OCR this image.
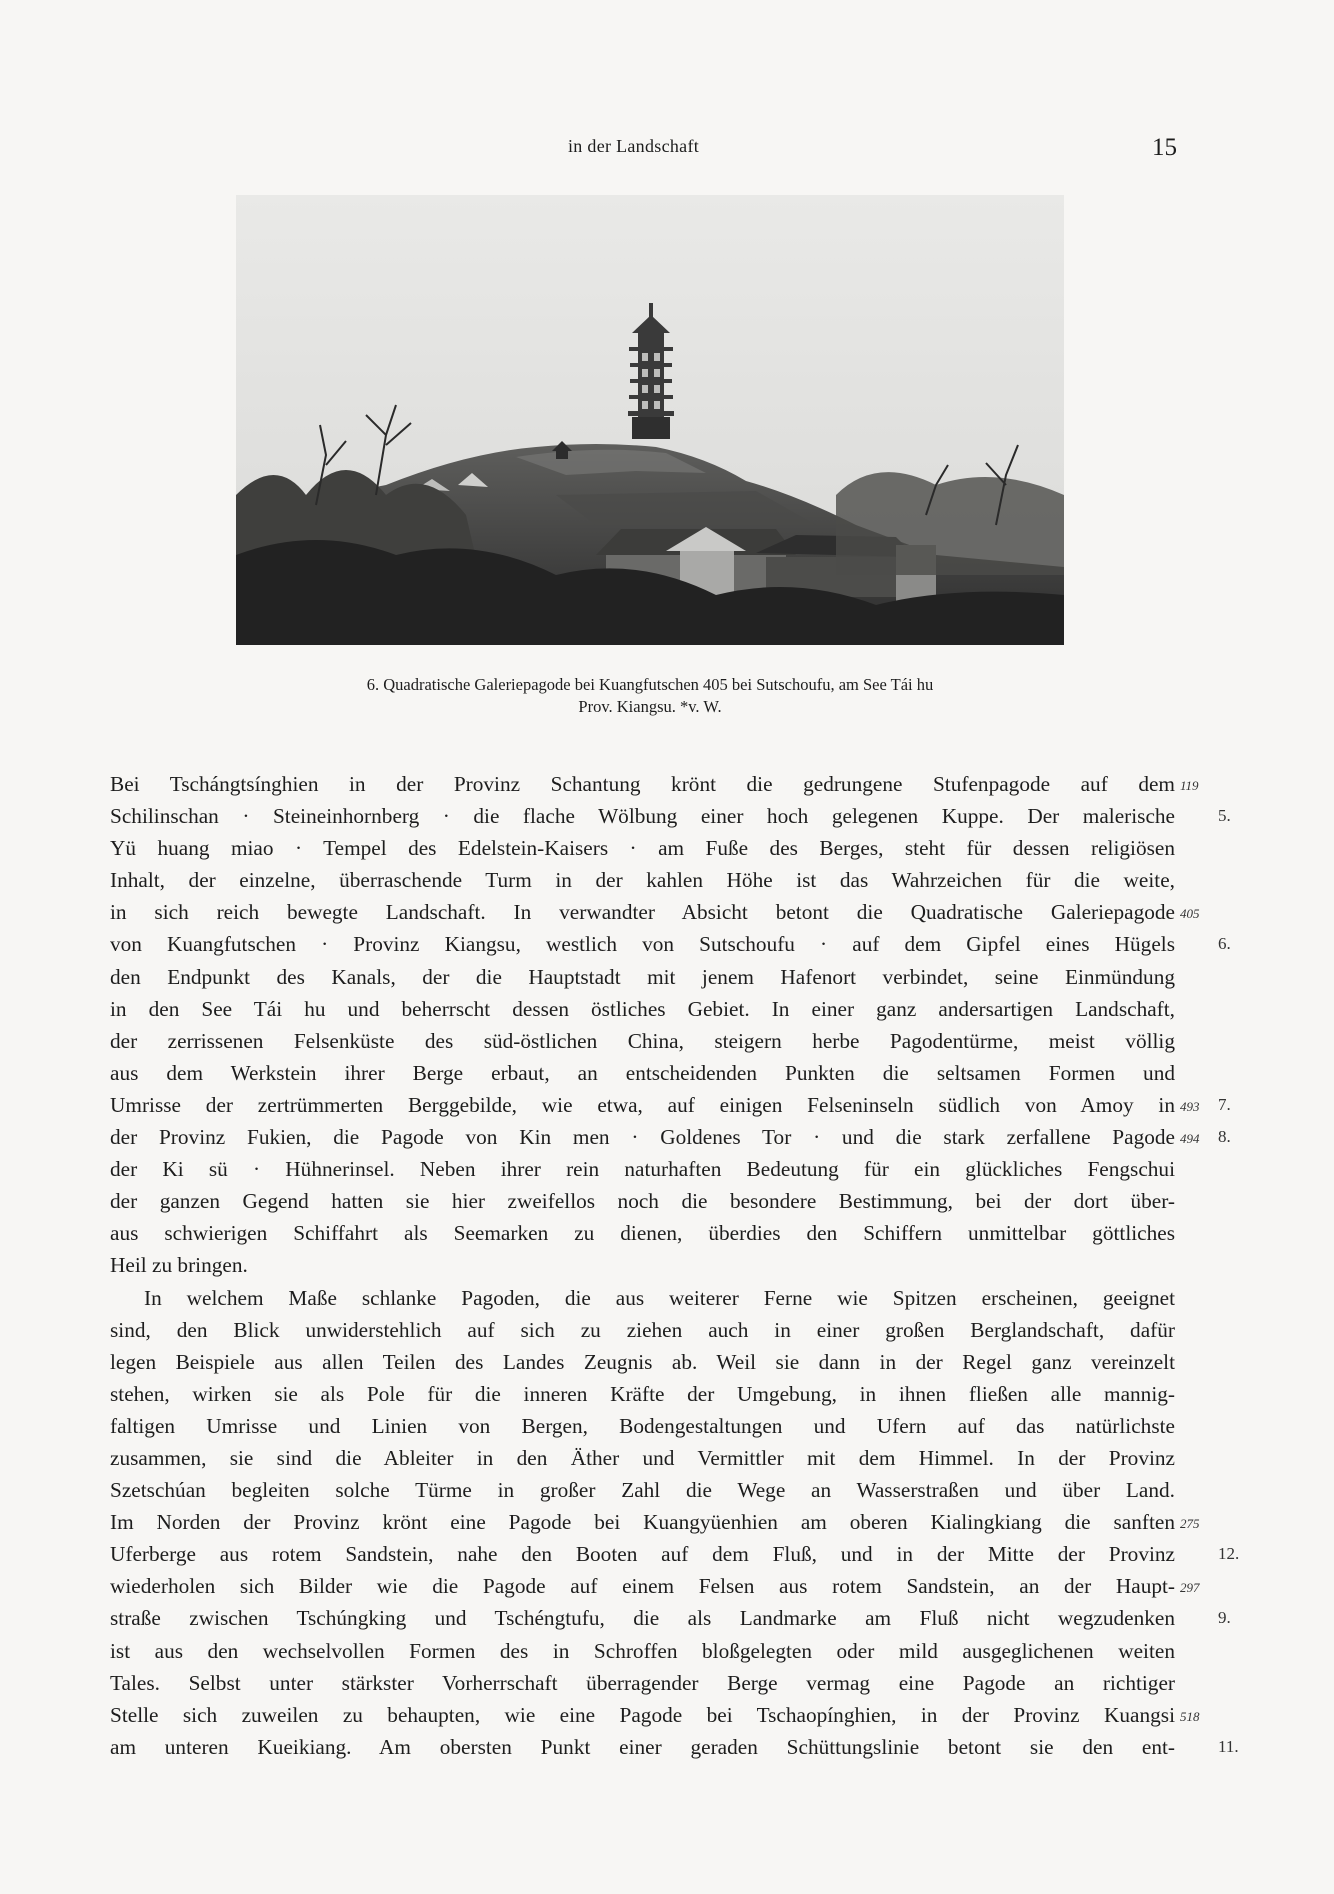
in der Landschaft	15
6. Quadratische Galeriepagode bei Kuangfutschen 405 bei Sutschoufu, am See Tái hu
Prov. Kiangsu. *v. W.
Bei Tschángtsínghien in der Provinz Schantung krönt die gedrungene Stufenpagode auf dem 119
Schilinschan · Steineinhornberg · die flache Wölbung einer hoch gelegenen Kuppe. Der malerische	5.
Yü huang miao · Tempel des Edelstein-Kaisers · am Fuße des Berges, steht für dessen religiösen
Inhalt, der einzelne, überraschende Turm in der kahlen Höhe ist das Wahrzeichen für die weite,
in sich reich bewegte Landschaft. In verwandter Absicht betont die Quadratische Galeriepagode 405
von Kuangfutschen · Provinz Kiangsu, westlich von Sutschoufu · auf dem Gipfel eines Hügels	6.
den Endpunkt des Kanals, der die Hauptstadt mit jenem Hafenort verbindet, seine Einmündung
in den See Tái hu und beherrscht dessen östliches Gebiet. In einer ganz andersartigen Landschaft,
der zerrissenen Felsenküste des süd-östlichen China, steigern herbe Pagodentürme, meist völlig
aus dem Werkstein ihrer Berge erbaut, an entscheidenden Punkten die seltsamen Formen und
Umrisse der zertrümmerten Berggebilde, wie etwa, auf einigen Felseninseln südlich von Amoy in 493	7.
der Provinz Fukien, die Pagode von Kin men · Goldenes Tor · und die stark zerfallene Pagode 494	8.
der Ki sü · Hühnerinsel. Neben ihrer rein naturhaften Bedeutung für ein glückliches Fengschui
der ganzen Gegend hatten sie hier zweifellos noch die besondere Bestimmung, bei der dort über-
aus schwierigen Schiffahrt als Seemarken zu dienen, überdies den Schiffern unmittelbar göttliches
Heil zu bringen.
In welchem Maße schlanke Pagoden, die aus weiterer Ferne wie Spitzen erscheinen, geeignet
sind, den Blick unwiderstehlich auf sich zu ziehen auch in einer großen Berglandschaft, dafür
legen Beispiele aus allen Teilen des Landes Zeugnis ab. Weil sie dann in der Regel ganz vereinzelt
stehen, wirken sie als Pole für die inneren Kräfte der Umgebung, in ihnen fließen alle mannig-
faltigen Umrisse und Linien von Bergen, Bodengestaltungen und Ufern auf das natürlichste
zusammen, sie sind die Ableiter in den Äther und Vermittler mit dem Himmel. In der Provinz
Szetschúan begleiten solche Türme in großer Zahl die Wege an Wasserstraßen und über Land.
Im Norden der Provinz krönt eine Pagode bei Kuangyüenhien am oberen Kialingkiang die sanften 275
Uferberge aus rotem Sandstein, nahe den Booten auf dem Fluß, und in der Mitte der Provinz	12.
wiederholen sich Bilder wie die Pagode auf einem Felsen aus rotem Sandstein, an der Haupt- 297
straße zwischen Tschúngking und Tschéngtufu, die als Landmarke am Fluß nicht wegzudenken	9.
ist aus den wechselvollen Formen des in Schroffen bloßgelegten oder mild ausgeglichenen weiten
Tales. Selbst unter stärkster Vorherrschaft überragender Berge vermag eine Pagode an richtiger
Stelle sich zuweilen zu behaupten, wie eine Pagode bei Tschaopínghien, in der Provinz Kuangsi 518
am unteren Kueikiang. Am obersten Punkt einer geraden Schüttungslinie betont sie den ent-	11.
